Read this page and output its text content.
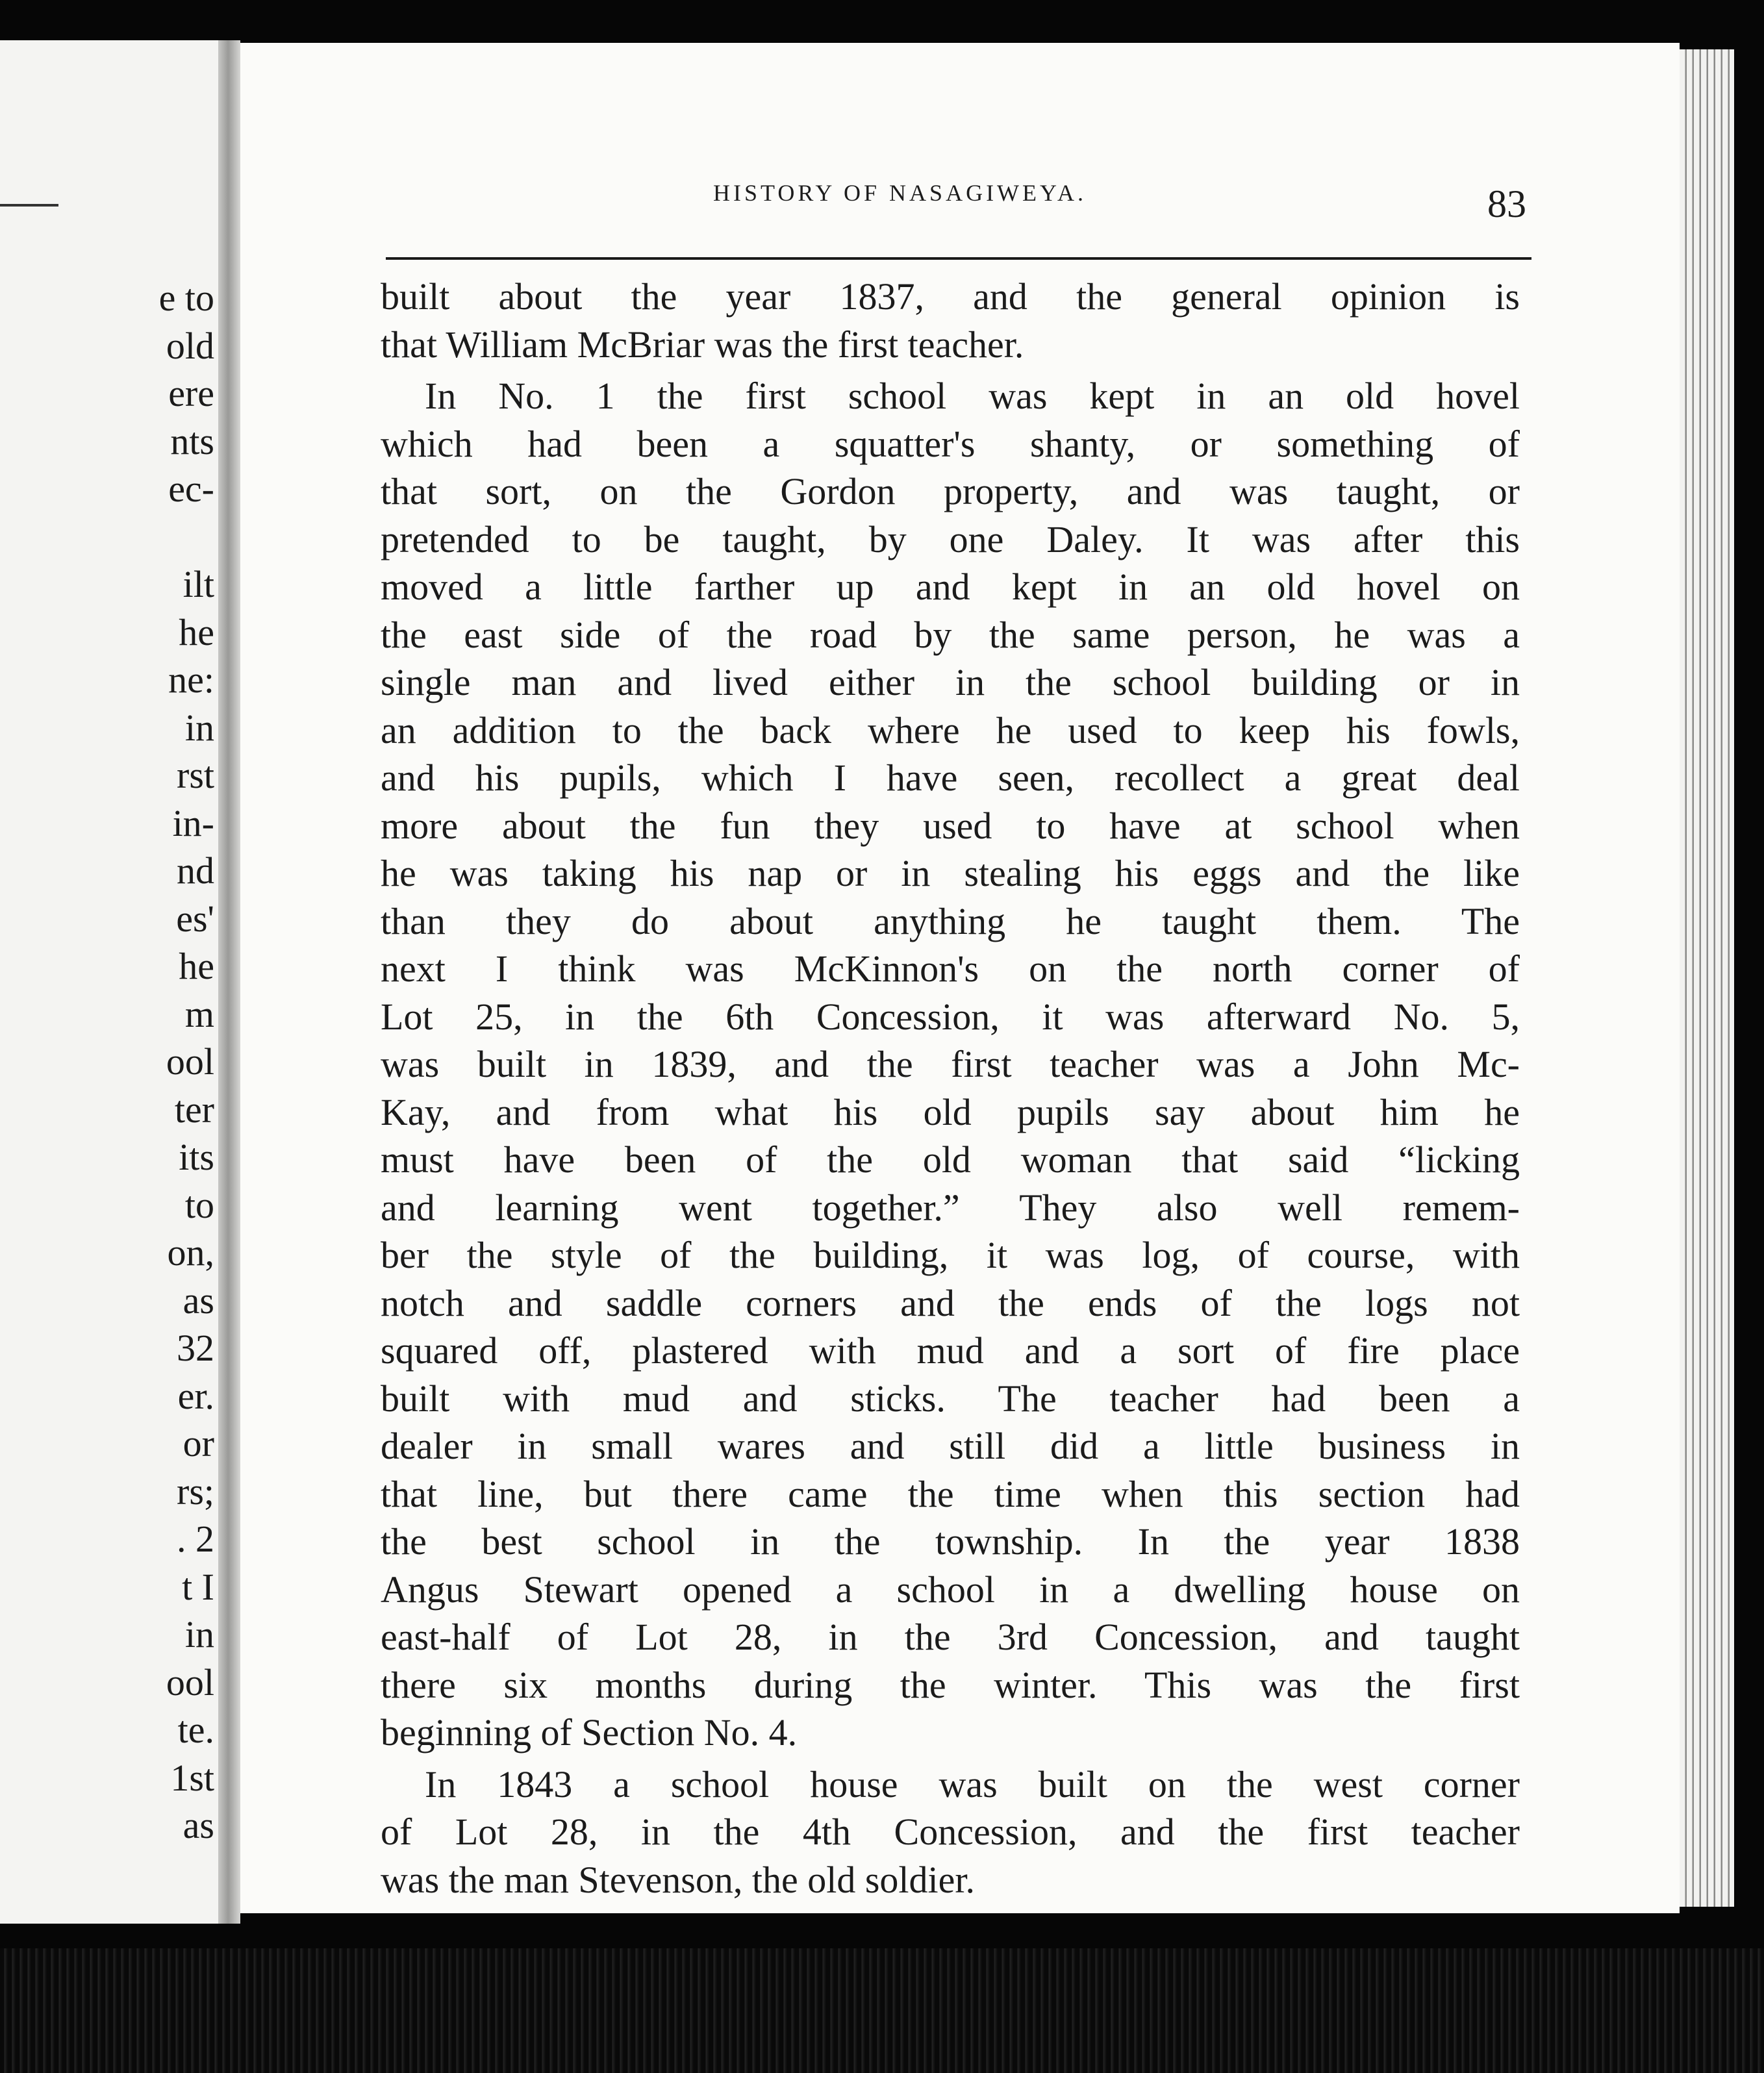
e to
old
ere
nts
ec-
ilt
he
ne:
in
rst
in-
nd
es'
he
m
ool
ter
its
to
on,
as
32
er.
or
rs;
. 2
t I
in
ool
te.
1st
as
HISTORY OF NASAGIWEYA.	83
built about the year 1837, and the general opinion is
that William McBriar was the first teacher.
In No. 1 the first school was kept in an old hovel
which had been a squatter's shanty, or something of
that sort, on the Gordon property, and was taught, or
pretended to be taught, by one Daley. It was after this
moved a little farther up and kept in an old hovel on
the east side of the road by the same person, he was a
single man and lived either in the school building or in
an addition to the back where he used to keep his fowls,
and his pupils, which I have seen, recollect a great deal
more about the fun they used to have at school when
he was taking his nap or in stealing his eggs and the like
than they do about anything he taught them. The
next I think was McKinnon's on the north corner of
Lot 25, in the 6th Concession, it was afterward No. 5,
was built in 1839, and the first teacher was a John Mc-
Kay, and from what his old pupils say about him he
must have been of the old woman that said “licking
and learning went together.” They also well remem-
ber the style of the building, it was log, of course, with
notch and saddle corners and the ends of the logs not
squared off, plastered with mud and a sort of fire place
built with mud and sticks. The teacher had been a
dealer in small wares and still did a little business in
that line, but there came the time when this section had
the best school in the township. In the year 1838
Angus Stewart opened a school in a dwelling house on
east-half of Lot 28, in the 3rd Concession, and taught
there six months during the winter. This was the first
beginning of Section No. 4.
In 1843 a school house was built on the west corner
of Lot 28, in the 4th Concession, and the first teacher
was the man Stevenson, the old soldier.
